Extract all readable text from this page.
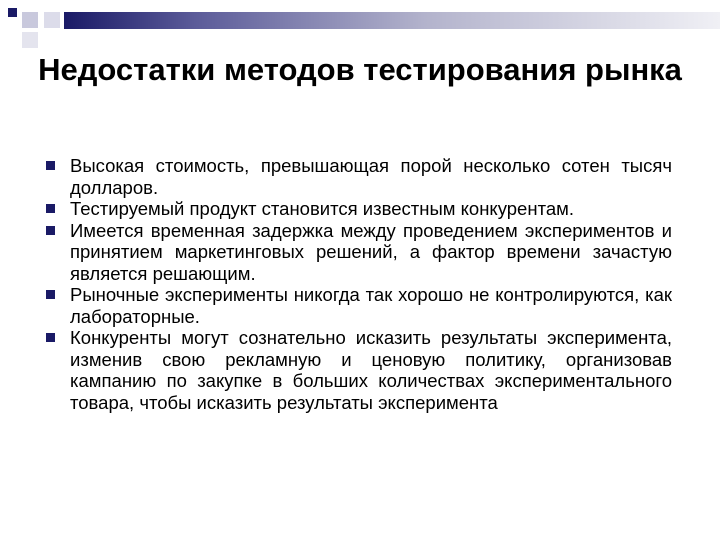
Недостатки методов тестирования рынка
Высокая стоимость, превышающая порой несколько сотен тысяч долларов.
Тестируемый продукт становится известным конкурентам.
Имеется временная задержка между проведением экспериментов и принятием маркетинговых решений, а фактор времени зачастую является решающим.
Рыночные эксперименты никогда так хорошо не контролируются, как лабораторные.
Конкуренты могут сознательно исказить результаты эксперимента, изменив свою рекламную и ценовую политику, организовав кампанию по закупке в больших количествах экспериментального товара, чтобы исказить результаты эксперимента
